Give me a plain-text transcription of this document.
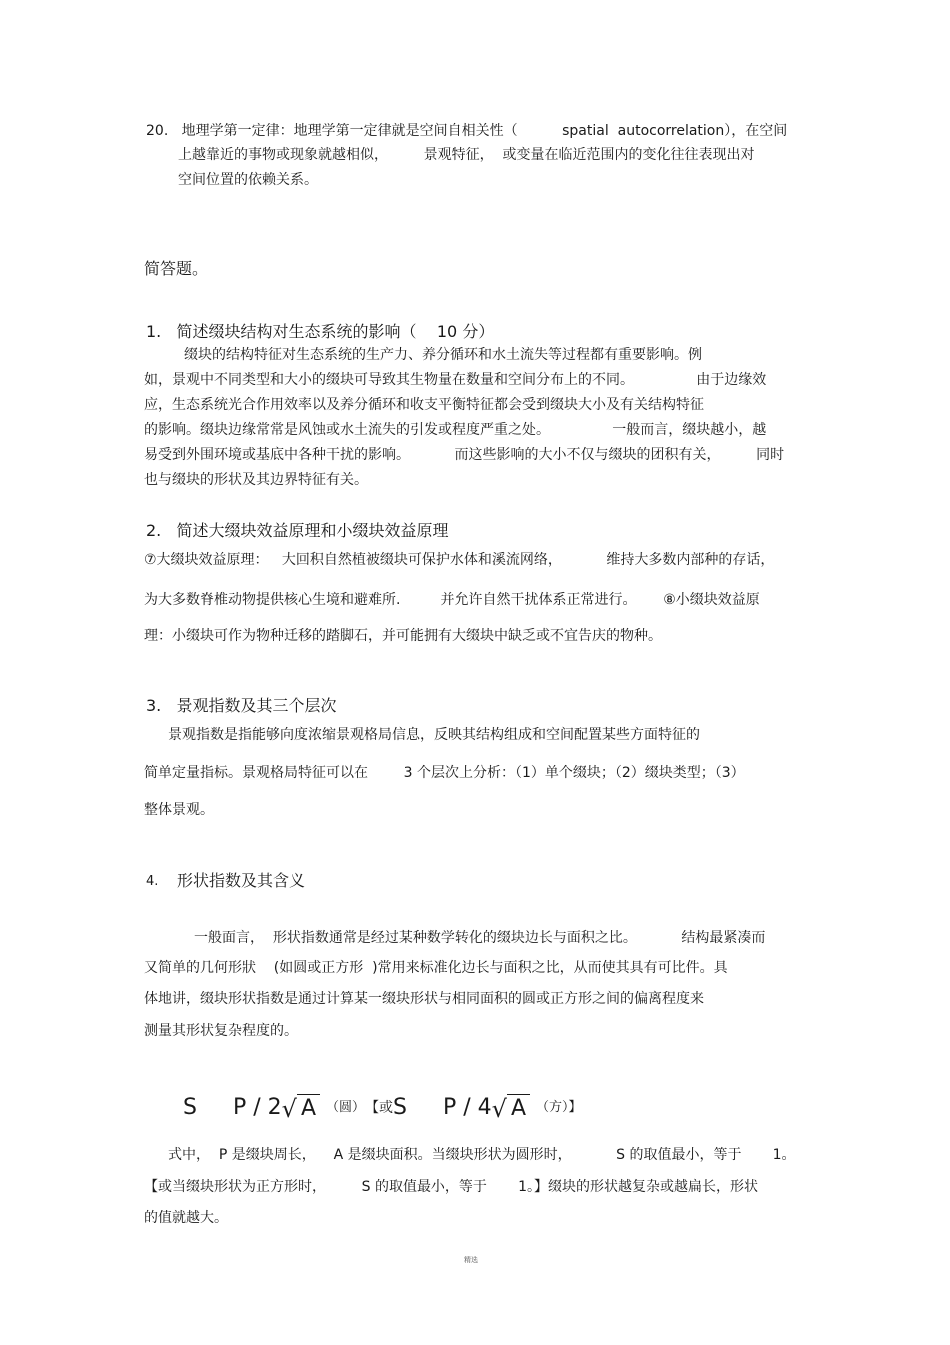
20.   地理学第一定律：地理学第一定律就是空间自相关性（          spatial  autocorrelation），在空间
上越靠近的事物或现象就越相似，        景观特征，  或变量在临近范围内的变化往往表现出对
空间位置的依赖关系。
简答题。
1.   简述缀块结构对生态系统的影响（    10 分）
缀块的结构特征对生态系统的生产力、养分循环和水土流失等过程都有重要影响。例
如，景观中不同类型和大小的缀块可导致其生物量在数量和空间分布上的不同。              由于边缘效
应，生态系统光合作用效率以及养分循环和收支平衡特征都会受到缀块大小及有关结构特征
的影响。缀块边缘常常是风蚀或水土流失的引发或程度严重之处。              一般而言，缀块越小，越
易受到外围环境或基底中各种干扰的影响。          而这些影响的大小不仅与缀块的团积有关，        同时
也与缀块的形状及其边界特征有关。
2.   简述大缀块效益原理和小缀块效益原理
⑦大缀块效益原理：   大回积自然植被缀块可保护水体和溪流网络，          维持大多数内部种的存话，
为大多数脊椎动物提供核心生境和避难所.         并允许自然干扰体系正常进行。      ⑧小缀块效益原
理：小缀块可作为物种迁移的踏脚石，并可能拥有大缀块中缺乏或不宜告庆的物种。
3.   景观指数及其三个层次
景观指数是指能够向度浓缩景观格局信息，反映其结构组成和空间配置某些方面特征的
简单定量指标。景观格局特征可以在        3 个层次上分析：（1）单个缀块；（2）缀块类型；（3）
整体景观。
4. 形状指数及其含义
一般面言，  形状指数通常是经过某种数学转化的缀块边长与面积之比。          结构最紧凑而
又简单的几何形狀    (如圆或正方形  )常用来标准化边长与面积之比，从而使其具有可比件。具
体地讲，缀块形状指数是通过计算某一缀块形状与相同面积的圆或正方形之间的偏离程度来
测量其形状复杂程度的。
S P / 2 √ A （圆） 【或 S P / 4 √ A （方）】
式中，  P 是缀块周长，    A 是缀块面积。当缀块形状为圆形时，          S 的取值最小，等于       1。
【或当缀块形状为正方形时，        S 的取值最小，等于       1。】缀块的形状越复杂或越扁长，形状
的值就越大。
精选
